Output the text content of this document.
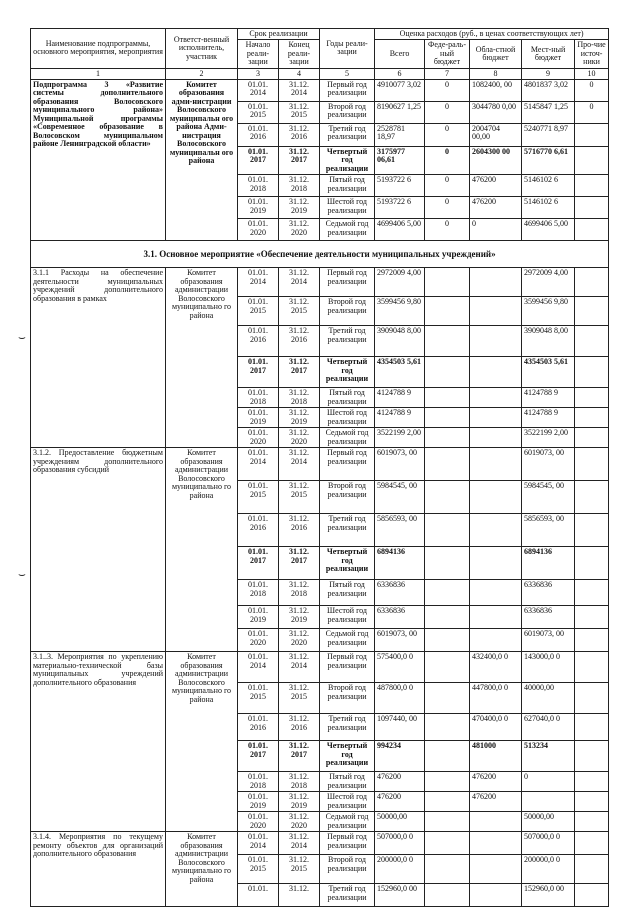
Наименование подпрограммы, основного мероприятия, мероприятия	Ответст-венный исполнитель, участник	Срок реализации		Годы реали-зации	Оценка расходов (руб., в ценах соответствующих лет)				
		Начало реали-зации	Конец реали-зации		Всего	Феде-раль-ный бюджет	Обла-стной бюджет	Мест-ный бюджет	Про-чие источ-ники
1	2	3	4	5	6	7	8	9	10
Подпрограмма 3 «Развитие системы дополнительного образования Волосовского муниципального района» Муниципальной программы «Современное образование в Волосовском муниципальном районе Ленинградской области»	Комитет образования адми-нистрации Волосовского муниципальн ого района Адми-нистрация Волосовского муниципальн ого района	01.01. 2014	31.12. 2014	Первый год реализации	4910077 3,02	0	1082400, 00	4801837 3,02	0
		01.01. 2015	31.12. 2015	Второй год реализации	8190627 1,25	0	3044780 0,00	5145847 1,25	0
		01.01. 2016	31.12. 2016	Третий год реализации	2528781 18,97	0	2004704 00,00	5240771 8,97	
		01.01. 2017	31.12. 2017	Четвертый год реализации	3175977 06,61	0	2604300 00	5716770 6,61	
		01.01. 2018	31.12. 2018	Пятый год реализации	5193722 6	0	476200	5146102 6	
		01.01. 2019	31.12. 2019	Шестой год реализации	5193722 6	0	476200	5146102 6	
		01.01. 2020	31.12. 2020	Седьмой год реализации	4699406 5,00	0	0	4699406 5,00	
3.1. Основное мероприятие «Обеспечение деятельности муниципальных учреждений»									
3.1.1 Расходы на обеспечение деятельности муниципальных учреждений дополнительного образования в рамках	Комитет образования администрации Волосовского муниципально го района	01.01. 2014	31.12. 2014	Первый год реализации	2972009 4,00			2972009 4,00	
		01.01. 2015	31.12. 2015	Второй год реализации	3599456 9,80			3599456 9,80	
		01.01. 2016	31.12. 2016	Третий год реализации	3909048 8,00			3909048 8,00	
		01.01. 2017	31.12. 2017	Четвертый год реализации	4354503 5,61			4354503 5,61	
		01.01. 2018	31.12. 2018	Пятый год реализации	4124788 9			4124788 9	
		01.01. 2019	31.12. 2019	Шестой год реализации	4124788 9			4124788 9	
		01.01. 2020	31.12. 2020	Седьмой год реализации	3522199 2,00			3522199 2,00	
3.1.2. Предоставление бюджетным учреждениям дополнительного образования субсидий	Комитет образования администрации Волосовского муниципально го района	01.01. 2014	31.12. 2014	Первый год реализации	6019073, 00			6019073, 00	
		01.01. 2015	31.12. 2015	Второй год реализации	5984545, 00			5984545, 00	
		01.01. 2016	31.12. 2016	Третий год реализации	5856593, 00			5856593, 00	
		01.01. 2017	31.12. 2017	Четвертый год реализации	6894136			6894136	
		01.01. 2018	31.12. 2018	Пятый год реализации	6336836			6336836	
		01.01. 2019	31.12. 2019	Шестой год реализации	6336836			6336836	
		01.01. 2020	31.12. 2020	Седьмой год реализации	6019073, 00			6019073, 00	
3.1..3. Мероприятия по укреплению материально-технической базы муниципальных учреждений дополнительного образования	Комитет образования администрации Волосовского муниципально го района	01.01. 2014	31.12. 2014	Первый год реализации	575400,0 0		432400,0 0	143000,0 0	
		01.01. 2015	31.12. 2015	Второй год реализации	487800,0 0		447800,0 0	40000,00	
		01.01. 2016	31.12. 2016	Третий год реализации	1097440, 00		470400,0 0	627040,0 0	
		01.01. 2017	31.12. 2017	Четвертый год реализации	994234		481000	513234	
		01.01. 2018	31.12. 2018	Пятый год реализации	476200		476200	0	
		01.01. 2019	31.12. 2019	Шестой год реализации	476200		476200		
		01.01. 2020	31.12. 2020	Седьмой год реализации	50000,00			50000,00	
3.1.4. Мероприятия по текущему ремонту объектов для организаций дополнительного образования	Комитет образования администрации Волосовского муниципально го района	01.01. 2014	31.12. 2014	Первый год реализации	507000,0 0			507000,0 0	
		01.01. 2015	31.12. 2015	Второй год реализации	200000,0 0			200000,0 0	
		01.01.	31.12.	Третий год реализации	152960,0 00			152960,0 00	
⌣
⌣
